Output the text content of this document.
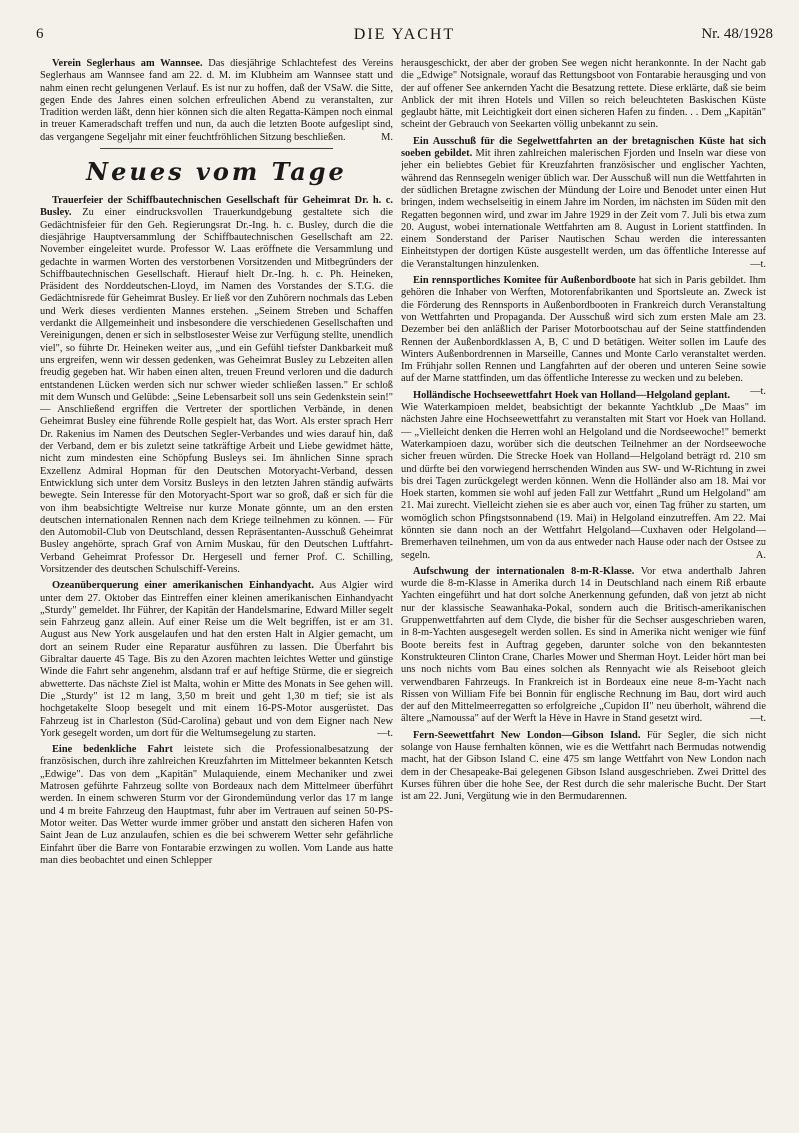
6	DIE YACHT	Nr. 48/1928

Verein Seglerhaus am Wannsee. Das diesjährige Schlachtefest des Vereins Seglerhaus am Wannsee fand am 22. d. M. im Klubheim am Wannsee statt und nahm einen recht gelungenen Verlauf. Es ist nur zu hoffen, daß der VSaW. die Sitte, gegen Ende des Jahres einen solchen erfreulichen Abend zu veranstalten, zur Tradition werden läßt, denn hier können sich die alten Regatta-Kämpen noch einmal in treuer Kameradschaft treffen und nun, da auch die letzten Boote aufgeslipt sind, das vergangene Segeljahr mit einer feuchtfröhlichen Sitzung beschließen.	M.

Neues vom Tage

Trauerfeier der Schiffbautechnischen Gesellschaft für Geheimrat Dr. h. c. Busley. Zu einer eindrucksvollen Trauerkundgebung gestaltete sich die Gedächtnisfeier für den Geh. Regierungsrat Dr.-Ing. h. c. Busley, durch die die diesjährige Hauptversammlung der Schiffbautechnischen Gesellschaft am 22. November eingeleitet wurde. Professor W. Laas eröffnete die Versammlung und gedachte in warmen Worten des verstorbenen Vorsitzenden und Mitbegründers der Schiffbautechnischen Gesellschaft. Hierauf hielt Dr.-Ing. h. c. Ph. Heineken, Präsident des Norddeutschen-Lloyd, im Namen des Vorstandes der S.T.G. die Gedächtnisrede für Geheimrat Busley. Er ließ vor den Zuhörern nochmals das Leben und Werk dieses verdienten Mannes erstehen. „Seinem Streben und Schaffen verdankt die Allgemeinheit und insbesondere die verschiedenen Gesellschaften und Vereinigungen, denen er sich in selbstlosester Weise zur Verfügung stellte, unendlich viel", so führte Dr. Heineken weiter aus, „und ein Gefühl tiefster Dankbarkeit muß uns ergreifen, wenn wir dessen gedenken, was Geheimrat Busley zu Lebzeiten allen freudig gegeben hat. Wir haben einen alten, treuen Freund verloren und die dadurch entstandenen Lücken werden sich nur schwer wieder schließen lassen." Er schloß mit dem Wunsch und Gelübde: „Seine Lebensarbeit soll uns sein Gedenkstein sein!" — Anschließend ergriffen die Vertreter der sportlichen Verbände, in denen Geheimrat Busley eine führende Rolle gespielt hat, das Wort. Als erster sprach Herr Dr. Rakenius im Namen des Deutschen Segler-Verbandes und wies darauf hin, daß der Verband, dem er bis zuletzt seine tatkräftige Arbeit und Liebe gewidmet hätte, nicht zum mindesten eine Schöpfung Busleys sei. Im ähnlichen Sinne sprach Exzellenz Admiral Hopman für den Deutschen Motoryacht-Verband, dessen Entwicklung sich unter dem Vorsitz Busleys in den letzten Jahren ständig aufwärts bewegte. Sein Interesse für den Motoryacht-Sport war so groß, daß er sich für die von ihm beabsichtigte Weltreise nur kurze Monate gönnte, um an den ersten deutschen internationalen Rennen nach dem Kriege teilnehmen zu können. — Für den Automobil-Club von Deutschland, dessen Repräsentanten-Ausschuß Geheimrat Busley angehörte, sprach Graf von Arnim Muskau, für den Deutschen Luftfahrt-Verband Geheimrat Professor Dr. Hergesell und ferner Prof. C. Schilling, Vorsitzender des deutschen Schulschiff-Vereins.

Ozeanüberquerung einer amerikanischen Einhandyacht. Aus Algier wird unter dem 27. Oktober das Eintreffen einer kleinen amerikanischen Einhandyacht „Sturdy" gemeldet. Ihr Führer, der Kapitän der Handelsmarine, Edward Miller segelt sein Fahrzeug ganz allein. Auf einer Reise um die Welt begriffen, ist er am 31. August aus New York ausgelaufen und hat den ersten Halt in Algier gemacht, um dort an seinem Ruder eine Reparatur ausführen zu lassen. Die Überfahrt bis Gibraltar dauerte 45 Tage. Bis zu den Azoren machten leichtes Wetter und günstige Winde die Fahrt sehr angenehm, alsdann traf er auf heftige Stürme, die er siegreich abwetterte. Das nächste Ziel ist Malta, wohin er Mitte des Monats in See gehen will. Die „Sturdy" ist 12 m lang, 3,50 m breit und geht 1,30 m tief; sie ist als hochgetakelte Sloop besegelt und mit einem 16-PS-Motor ausgerüstet. Das Fahrzeug ist in Charleston (Süd-Carolina) gebaut und von dem Eigner nach New York gesegelt worden, um dort für die Weltumsegelung zu starten.	—t.

Eine bedenkliche Fahrt leistete sich die Professionalbesatzung der französischen, durch ihre zahlreichen Kreuzfahrten im Mittelmeer bekannten Ketsch „Edwige". Das von dem „Kapitän" Mulaquiende, einem Mechaniker und zwei Matrosen geführte Fahrzeug sollte von Bordeaux nach dem Mittelmeer überführt werden. In einem schweren Sturm vor der Girondemündung verlor das 17 m lange und 4 m breite Fahrzeug den Hauptmast, fuhr aber im Vertrauen auf seinen 50-PS-Motor weiter. Das Wetter wurde immer gröber und anstatt den sicheren Hafen von Saint Jean de Luz anzulaufen, schien es die bei schwerem Wetter sehr gefährliche Einfahrt über die Barre von Fontarabie erzwingen zu wollen. Vom Lande aus hatte man dies beobachtet und einen Schlepper

herausgeschickt, der aber der groben See wegen nicht herankonnte. In der Nacht gab die „Edwige" Notsignale, worauf das Rettungsboot von Fontarabie herausging und von der auf offener See ankernden Yacht die Besatzung rettete. Diese erklärte, daß sie beim Anblick der mit ihren Hotels und Villen so reich beleuchteten Baskischen Küste geglaubt hätte, mit Leichtigkeit dort einen sicheren Hafen zu finden. . . Dem „Kapitän" scheint der Gebrauch von Seekarten völlig unbekannt zu sein.

Ein Ausschuß für die Segelwettfahrten an der bretagnischen Küste hat sich soeben gebildet. Mit ihren zahlreichen malerischen Fjorden und Inseln war diese von jeher ein beliebtes Gebiet für Kreuzfahrten französischer und englischer Yachten, während das Rennsegeln weniger üblich war. Der Ausschuß will nun die Wettfahrten in der südlichen Bretagne zwischen der Mündung der Loire und Benodet unter einen Hut bringen, indem wechselseitig in einem Jahre im Norden, im nächsten im Süden mit den Regatten begonnen wird, und zwar im Jahre 1929 in der Zeit vom 7. Juli bis etwa zum 20. August, wobei internationale Wettfahrten am 8. August in Lorient stattfinden. In einem Sonderstand der Pariser Nautischen Schau werden die interessanten Einheitstypen der dortigen Küste ausgestellt werden, um das öffentliche Interesse auf die Veranstaltungen hinzulenken.	—t.

Ein rennsportliches Komitee für Außenbordboote hat sich in Paris gebildet. Ihm gehören die Inhaber von Werften, Motorenfabrikanten und Sportsleute an. Zweck ist die Förderung des Rennsports in Außenbordbooten in Frankreich durch Veranstaltung von Wettfahrten und Propaganda. Der Ausschuß wird sich zum ersten Male am 23. Dezember bei den anläßlich der Pariser Motorbootschau auf der Seine stattfindenden Rennen der Außenbordklassen A, B, C und D betätigen. Weiter sollen im Laufe des Winters Außenbordrennen in Marseille, Cannes und Monte Carlo veranstaltet werden. Im Frühjahr sollen Rennen und Langfahrten auf der oberen und unteren Seine sowie auf der Marne stattfinden, um das öffentliche Interesse zu wecken und zu beleben.
—t.

Holländische Hochseewettfahrt Hoek van Holland—Helgoland geplant. Wie Waterkampioen meldet, beabsichtigt der bekannte Yachtklub „De Maas" im nächsten Jahre eine Hochseewettfahrt zu veranstalten mit Start vor Hoek van Holland. — „Vielleicht denken die Herren wohl an Helgoland und die Nordseewoche!" bemerkt Waterkampioen dazu, worüber sich die deutschen Teilnehmer an der Nordseewoche sicher freuen würden. Die Strecke Hoek van Holland—Helgoland beträgt rd. 210 sm und dürfte bei den vorwiegend herrschenden Winden aus SW- und W-Richtung in zwei bis drei Tagen zurückgelegt werden können. Wenn die Holländer also am 18. Mai vor Hoek starten, kommen sie wohl auf jeden Fall zur Wettfahrt „Rund um Helgoland" am 21. Mai zurecht. Vielleicht ziehen sie es aber auch vor, einen Tag früher zu starten, um womöglich schon Pfingstsonnabend (19. Mai) in Helgoland einzutreffen. Am 22. Mai könnten sie dann noch an der Wettfahrt Helgoland—Cuxhaven oder Helgoland—Bremerhaven teilnehmen, um von da aus entweder nach Hause oder nach der Ostsee zu segeln.	A.

Aufschwung der internationalen 8-m-R-Klasse. Vor etwa anderthalb Jahren wurde die 8-m-Klasse in Amerika durch 14 in Deutschland nach einem Riß erbaute Yachten eingeführt und hat dort solche Anerkennung gefunden, daß von jetzt ab nicht nur der klassische Seawanhaka-Pokal, sondern auch die Britisch-amerikanischen Gruppenwettfahrten auf dem Clyde, die bisher für die Sechser ausgeschrieben waren, in 8-m-Yachten ausgesegelt werden sollen. Es sind in Amerika nicht weniger wie fünf Boote bereits fest in Auftrag gegeben, darunter solche von den bekanntesten Konstrukteuren Clinton Crane, Charles Mower und Sherman Hoyt. Leider hört man bei uns noch nichts vom Bau eines solchen als Rennyacht wie als Reiseboot gleich verwendbaren Fahrzeugs. In Frankreich ist in Bordeaux eine neue 8-m-Yacht nach Rissen von William Fife bei Bonnin für englische Rechnung im Bau, dort wird auch der auf den Mittelmeerregatten so erfolgreiche „Cupidon II" neu überholt, während die ältere „Namoussa" auf der Werft la Hève in Havre in Stand gesetzt wird.	—t.

Fern-Seewettfahrt New London—Gibson Island. Für Segler, die sich nicht solange von Hause fernhalten können, wie es die Wettfahrt nach Bermudas notwendig macht, hat der Gibson Island C. eine 475 sm lange Wettfahrt von New London nach dem in der Chesapeake-Bai gelegenen Gibson Island ausgeschrieben. Zwei Drittel des Kurses führen über die hohe See, der Rest durch die sehr malerische Bucht. Der Start ist am 22. Juni, Vergütung wie in den Bermudarennen.
